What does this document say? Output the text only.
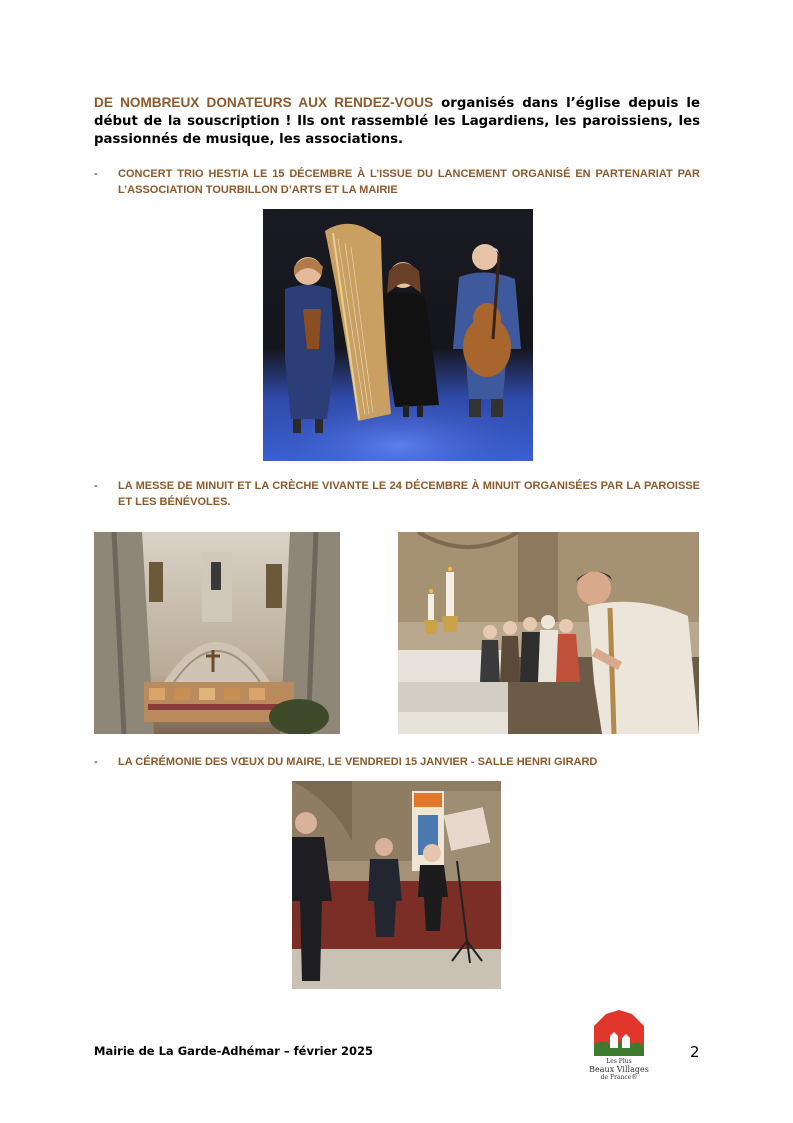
DE NOMBREUX DONATEURS AUX RENDEZ-VOUS organisés dans l’église depuis le début de la souscription ! Ils ont rassemblé les Lagardiens, les paroissiens, les passionnés de musique, les associations.
- CONCERT TRIO HESTIA LE 15 DÉCEMBRE À L’ISSUE DU LANCEMENT ORGANISÉ EN PARTENARIAT PAR L’ASSOCIATION TOURBILLON D’ARTS ET LA MAIRIE
- LA MESSE DE MINUIT ET LA CRÈCHE VIVANTE LE 24 DÉCEMBRE À MINUIT ORGANISÉES PAR LA PAROISSE ET LES BÉNÉVOLES.
- LA CÉRÉMONIE DES VŒUX DU MAIRE, LE VENDREDI 15 JANVIER - SALLE HENRI GIRARD
Mairie de La Garde-Adhémar – février 2025
Les Plus
Beaux Villages
de France®
2
